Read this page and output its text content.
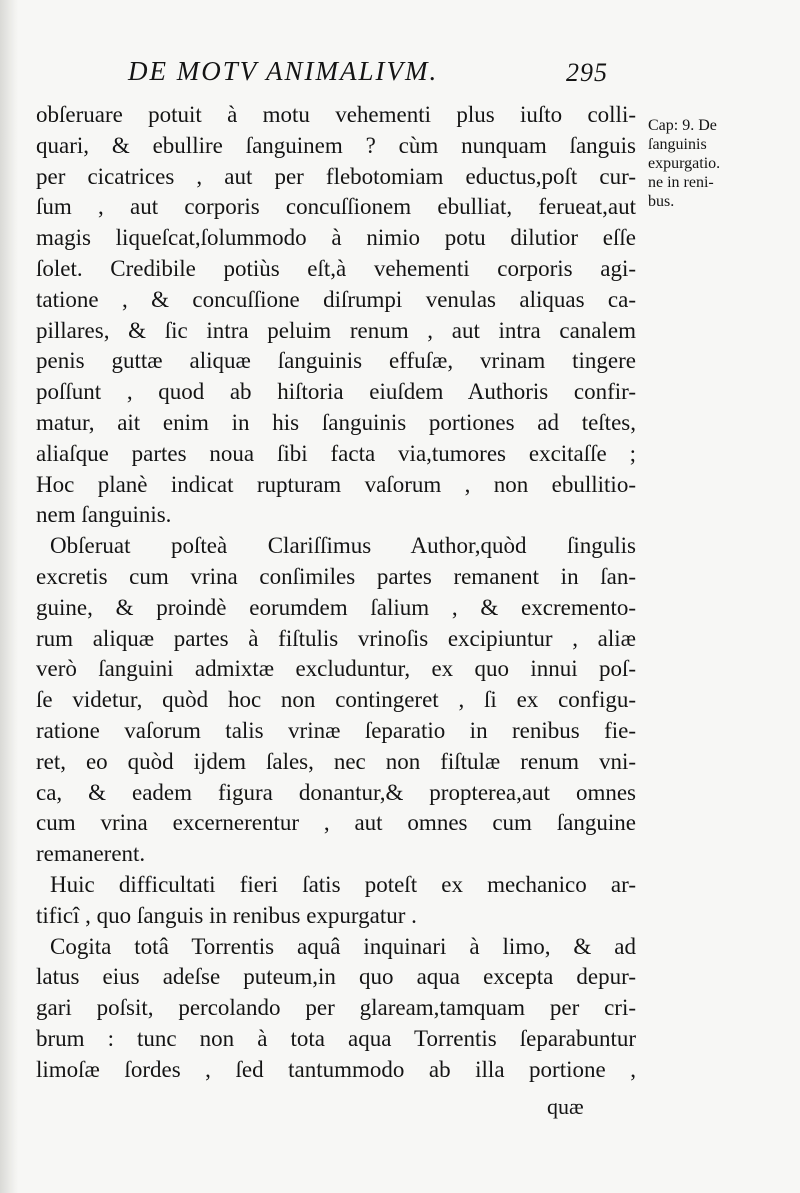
DE MOTV ANIMALIVM.	295
Cap: 9. De
ſanguinis
expurgatio.
ne in reni-
bus.
obſeruare potuit à motu vehementi plus iuſto colli-
quari, & ebullire ſanguinem ? cùm nunquam ſanguis
per cicatrices , aut per flebotomiam eductus,poſt cur-
ſum , aut corporis concuſſionem ebulliat, ferueat,aut
magis liqueſcat,ſolummodo à nimio potu dilutior eſſe
ſolet. Credibile potiùs eſt,à vehementi corporis agi-
tatione , & concuſſione diſrumpi venulas aliquas ca-
pillares, & ſic intra peluim renum , aut intra canalem
penis guttæ aliquæ ſanguinis effuſæ, vrinam tingere
poſſunt , quod ab hiſtoria eiuſdem Authoris confir-
matur, ait enim in his ſanguinis portiones ad teſtes,
aliaſque partes noua ſibi facta via,tumores excitaſſe ;
Hoc planè indicat rupturam vaſorum , non ebullitio-
nem ſanguinis.
Obſeruat poſteà Clariſſimus Author,quòd ſingulis
excretis cum vrina conſimiles partes remanent in ſan-
guine, & proindè eorumdem ſalium , & excremento-
rum aliquæ partes à fiſtulis vrinoſis excipiuntur , aliæ
verò ſanguini admixtæ excluduntur, ex quo innui poſ-
ſe videtur, quòd hoc non contingeret , ſi ex configu-
ratione vaſorum talis vrinæ ſeparatio in renibus fie-
ret, eo quòd ijdem ſales, nec non fiſtulæ renum vni-
ca, & eadem figura donantur,& propterea,aut omnes
cum vrina excernerentur , aut omnes cum ſanguine
remanerent.
Huic difficultati fieri ſatis poteſt ex mechanico ar-
tificî , quo ſanguis in renibus expurgatur .
Cogita totâ Torrentis aquâ inquinari à limo, & ad
latus eius adeſse puteum,in quo aqua excepta depur-
gari poſsit, percolando per glaream,tamquam per cri-
brum : tunc non à tota aqua Torrentis ſeparabuntur
limoſæ ſordes , ſed tantummodo ab illa portione ,
quæ
